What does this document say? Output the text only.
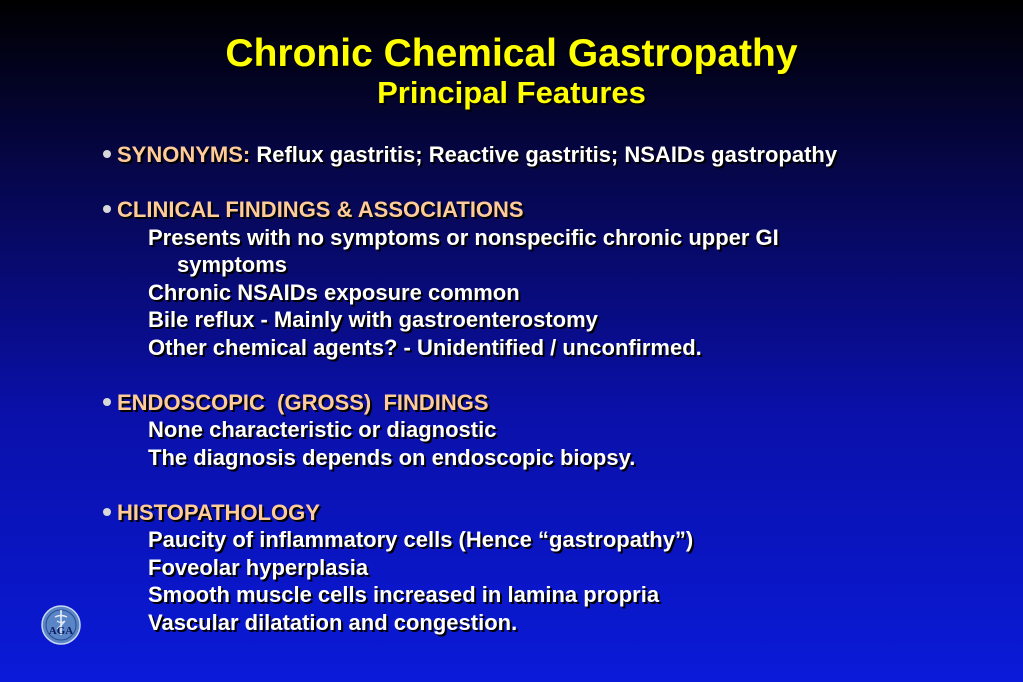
Chronic Chemical Gastropathy
Principal Features
SYNONYMS: Reflux gastritis; Reactive gastritis; NSAIDs gastropathy
CLINICAL FINDINGS & ASSOCIATIONS
Presents with no symptoms or nonspecific chronic upper GI
symptoms
Chronic NSAIDs exposure common
Bile reflux - Mainly with gastroenterostomy
Other chemical agents? - Unidentified / unconfirmed.
ENDOSCOPIC  (GROSS)  FINDINGS
None characteristic or diagnostic
The diagnosis depends on endoscopic biopsy.
HISTOPATHOLOGY
Paucity of inflammatory cells (Hence “gastropathy”)
Foveolar hyperplasia
Smooth muscle cells increased in lamina propria
Vascular dilatation and congestion.
AGA
